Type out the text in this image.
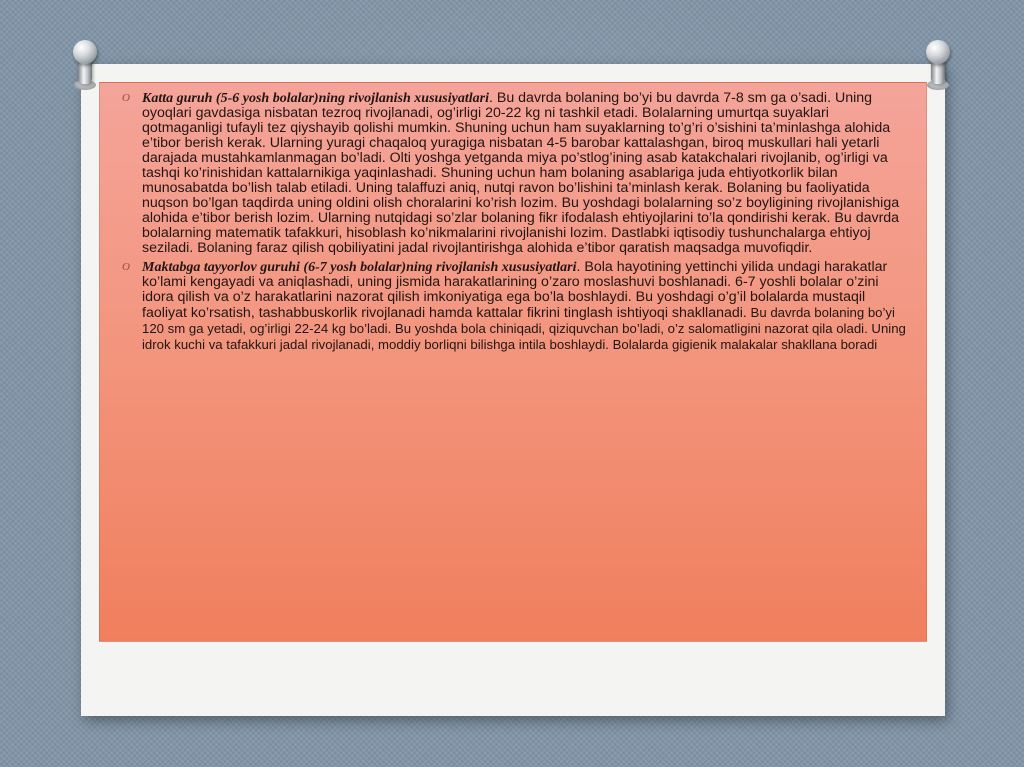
O Katta guruh (5-6 yosh bolalar)ning rivojlanish xususiyatlari. Bu davrda bolaning bo’yi bu davrda 7-8 sm ga o’sadi. Uning oyoqlari gavdasiga nisbatan tezroq rivojlanadi, og’irligi 20-22 kg ni tashkil etadi. Bolalarning umurtqa suyaklari qotmaganligi tufayli tez qiyshayib qolishi mumkin. Shuning uchun ham suyaklarning to’g’ri o’sishini ta’minlashga alohida e’tibor berish kerak. Ularning yuragi chaqaloq yuragiga nisbatan 4-5 barobar kattalashgan, biroq muskullari hali yetarli darajada mustahkamlanmagan bo’ladi. Olti yoshga yetganda miya po’stlog’ining asab katakchalari rivojlanib, og’irligi va tashqi ko’rinishidan kattalarnikiga yaqinlashadi. Shuning uchun ham bolaning asablariga juda ehtiyotkorlik bilan munosabatda bo’lish talab etiladi. Uning talaffuzi aniq, nutqi ravon bo’lishini ta’minlash kerak. Bolaning bu faoliyatida nuqson bo’lgan taqdirda uning oldini olish choralarini ko’rish lozim. Bu yoshdagi bolalarning so’z boyligining rivojlanishiga alohida e’tibor berish lozim. Ularning nutqidagi so’zlar bolaning fikr ifodalash ehtiyojlarini to’la qondirishi kerak. Bu davrda bolalarning matematik tafakkuri, hisoblash ko’nikmalarini rivojlanishi lozim. Dastlabki iqtisodiy tushunchalarga ehtiyoj seziladi. Bolaning faraz qilish qobiliyatini jadal rivojlantirishga alohida e’tibor qaratish maqsadga muvofiqdir.
O Maktabga tayyorlov guruhi (6-7 yosh bolalar)ning rivojlanish xususiyatlari. Bola hayotining yettinchi yilida undagi harakatlar ko’lami kengayadi va aniqlashadi, uning jismida harakatlarining o’zaro moslashuvi boshlanadi. 6-7 yoshli bolalar o’zini idora qilish va o’z harakatlarini nazorat qilish imkoniyatiga ega bo’la boshlaydi. Bu yoshdagi o’g’il bolalarda mustaqil faoliyat ko’rsatish, tashabbuskorlik rivojlanadi hamda kattalar fikrini tinglash ishtiyoqi shakllanadi. Bu davrda bolaning bo’yi 120 sm ga yetadi, og’irligi 22-24 kg bo’ladi. Bu yoshda bola chiniqadi, qiziquvchan bo’ladi, o’z salomatligini nazorat qila oladi. Uning idrok kuchi va tafakkuri jadal rivojlanadi, moddiy borliqni bilishga intila boshlaydi. Bolalarda gigienik malakalar shakllana boradi
